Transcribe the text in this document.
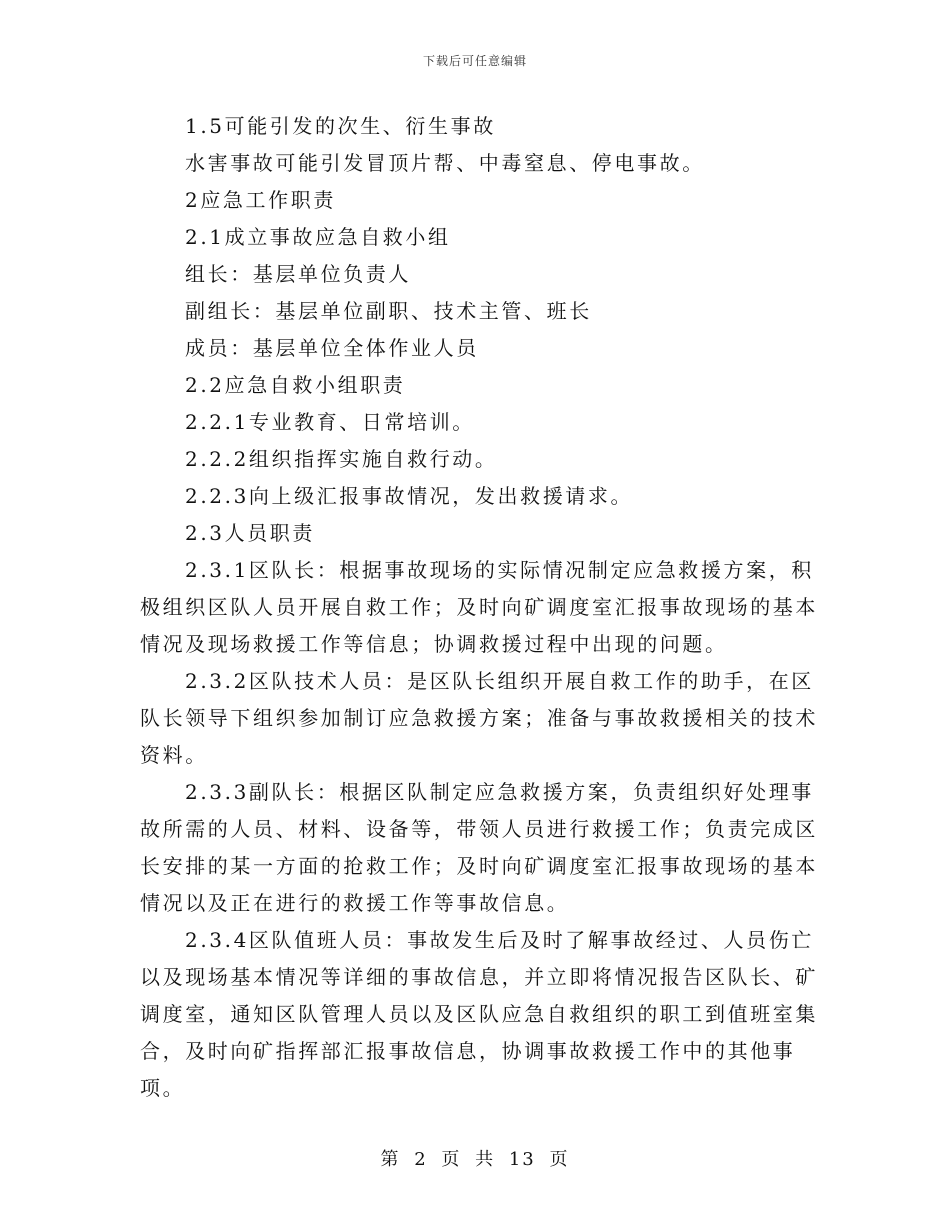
下载后可任意编辑

1.5可能引发的次生、衍生事故

水害事故可能引发冒顶片帮、中毒窒息、停电事故。

2应急工作职责

2.1成立事故应急自救小组

组长：基层单位负责人

副组长：基层单位副职、技术主管、班长

成员：基层单位全体作业人员

2.2应急自救小组职责

2.2.1专业教育、日常培训。

2.2.2组织指挥实施自救行动。

2.2.3向上级汇报事故情况，发出救援请求。

2.3人员职责

2.3.1区队长：根据事故现场的实际情况制定应急救援方案，积极组织区队人员开展自救工作；及时向矿调度室汇报事故现场的基本情况及现场救援工作等信息；协调救援过程中出现的问题。

2.3.2区队技术人员：是区队长组织开展自救工作的助手，在区队长领导下组织参加制订应急救援方案；准备与事故救援相关的技术资料。

2.3.3副队长：根据区队制定应急救援方案，负责组织好处理事故所需的人员、材料、设备等，带领人员进行救援工作；负责完成区长安排的某一方面的抢救工作；及时向矿调度室汇报事故现场的基本情况以及正在进行的救援工作等事故信息。

2.3.4区队值班人员：事故发生后及时了解事故经过、人员伤亡以及现场基本情况等详细的事故信息，并立即将情况报告区队长、矿调度室，通知区队管理人员以及区队应急自救组织的职工到值班室集合，及时向矿指挥部汇报事故信息，协调事故救援工作中的其他事项。

第 2 页 共 13 页
